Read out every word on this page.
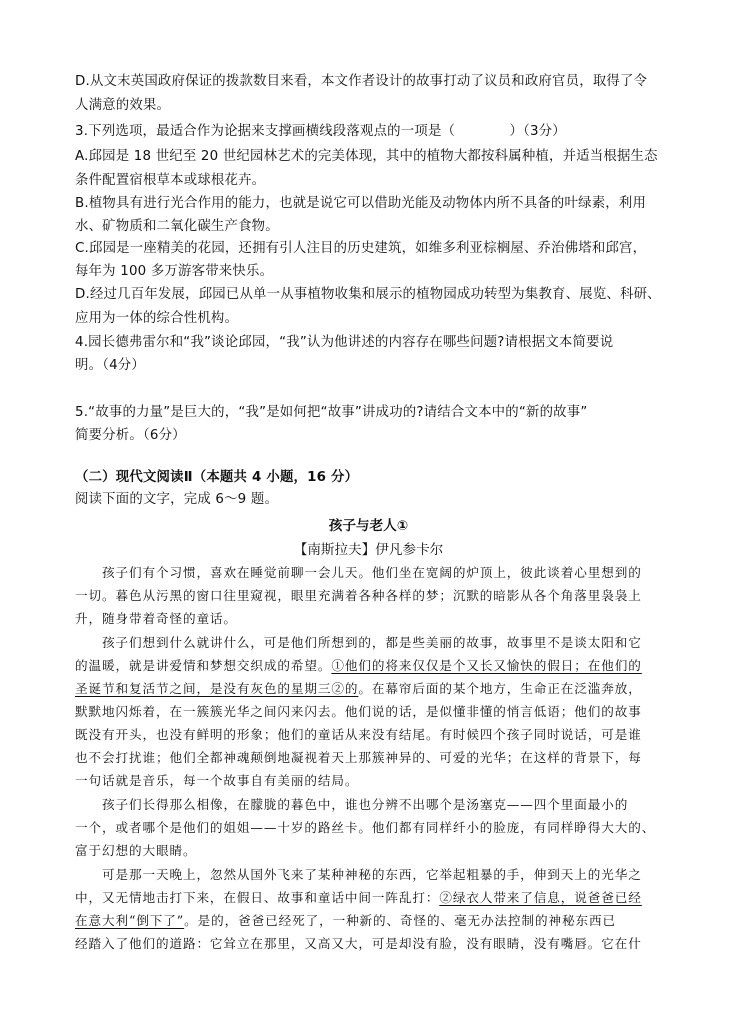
D.从文末英国政府保证的拨款数目来看，本文作者设计的故事打动了议员和政府官员，取得了令
人满意的效果。
3.下列选项，最适合作为论据来支撑画横线段落观点的一项是（　　　　）（3分）
A.邱园是 18 世纪至 20 世纪园林艺术的完美体现，其中的植物大都按科属种植，并适当根据生态
条件配置宿根草本或球根花卉。
B.植物具有进行光合作用的能力，也就是说它可以借助光能及动物体内所不具备的叶绿素，利用
水、矿物质和二氧化碳生产食物。
C.邱园是一座精美的花园，还拥有引人注目的历史建筑，如维多利亚棕榈屋、乔治佛塔和邱宫，
每年为 100 多万游客带来快乐。
D.经过几百年发展，邱园已从单一从事植物收集和展示的植物园成功转型为集教育、展览、科研、
应用为一体的综合性机构。
4.园长德弗雷尔和“我”谈论邱园，“我”认为他讲述的内容存在哪些问题?请根据文本简要说
明。（4分）
5.“故事的力量”是巨大的，“我”是如何把“故事”讲成功的?请结合文本中的“新的故事”
简要分析。（6分）
（二）现代文阅读Ⅱ（本题共 4 小题，16 分）
阅读下面的文字，完成 6～9 题。
孩子与老人①
【南斯拉夫】伊凡参卡尔
孩子们有个习惯，喜欢在睡觉前聊一会儿天。他们坐在宽阔的炉顶上，彼此谈着心里想到的
一切。暮色从污黑的窗口往里窥视，眼里充满着各种各样的梦；沉默的暗影从各个角落里袅袅上
升，随身带着奇怪的童话。
孩子们想到什么就讲什么，可是他们所想到的，都是些美丽的故事，故事里不是谈太阳和它
的温暖，就是讲爱情和梦想交织成的希望。①他们的将来仅仅是个又长又愉快的假日；在他们的
圣诞节和复活节之间，是没有灰色的星期三②的。在幕帘后面的某个地方，生命正在泛滥奔放，
默默地闪烁着，在一簇簇光华之间闪来闪去。他们说的话，是似懂非懂的悄言低语；他们的故事
既没有开头，也没有鲜明的形象；他们的童话从来没有结尾。有时候四个孩子同时说话，可是谁
也不会打扰谁；他们全都神魂颠倒地凝视着天上那簇神异的、可爱的光华；在这样的背景下，每
一句话就是音乐，每一个故事自有美丽的结局。
孩子们长得那么相像，在朦胧的暮色中，谁也分辨不出哪个是汤塞克——四个里面最小的
一个，或者哪个是他们的姐姐——十岁的路丝卡。他们都有同样纤小的脸庞，有同样睁得大大的、
富于幻想的大眼睛。
可是那一天晚上，忽然从国外飞来了某种神秘的东西，它举起粗暴的手，伸到天上的光华之
中，又无情地击打下来，在假日、故事和童话中间一阵乱打：②绿衣人带来了信息，说爸爸已经
在意大利“倒下了”。是的，爸爸已经死了，一种新的、奇怪的、毫无办法控制的神秘东西已
经踏入了他们的道路：它耸立在那里，又高又大，可是却没有脸，没有眼睛，没有嘴唇。它在什
